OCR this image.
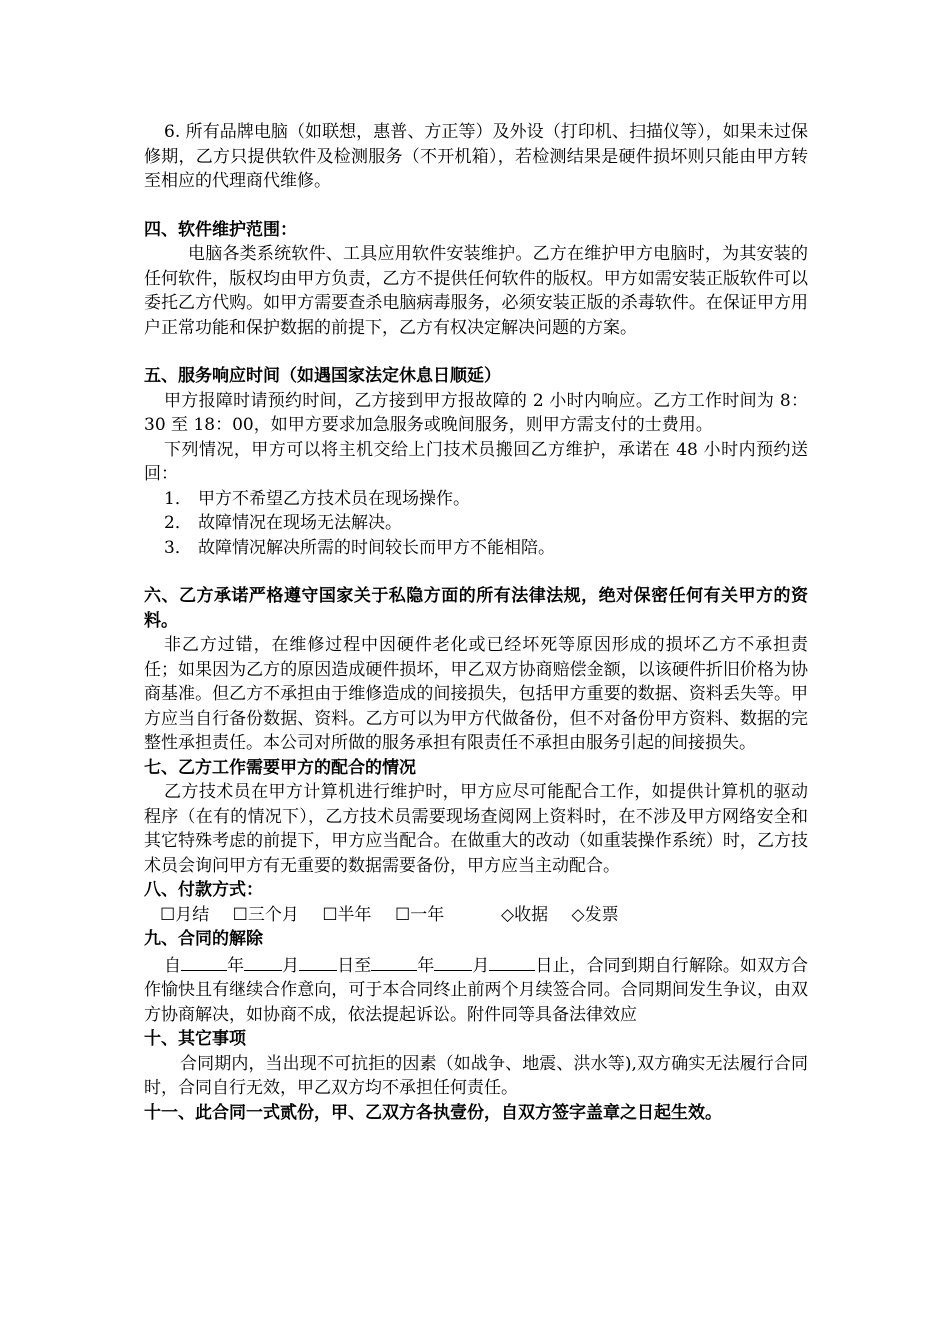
6. 所有品牌电脑（如联想，惠普、方正等）及外设（打印机、扫描仪等），如果未过保修期，乙方只提供软件及检测服务（不开机箱），若检测结果是硬件损坏则只能由甲方转至相应的代理商代维修。

四、软件维护范围：

电脑各类系统软件、工具应用软件安装维护。乙方在维护甲方电脑时，为其安装的任何软件，版权均由甲方负责，乙方不提供任何软件的版权。甲方如需安装正版软件可以委托乙方代购。如甲方需要查杀电脑病毒服务，必须安装正版的杀毒软件。在保证甲方用户正常功能和保护数据的前提下，乙方有权决定解决问题的方案。

五、服务响应时间（如遇国家法定休息日顺延）

甲方报障时请预约时间，乙方接到甲方报故障的 2 小时内响应。乙方工作时间为 8：30 至 18：00，如甲方要求加急服务或晚间服务，则甲方需支付的士费用。

下列情况，甲方可以将主机交给上门技术员搬回乙方维护，承诺在 48 小时内预约送回：

1． 甲方不希望乙方技术员在现场操作。

2． 故障情况在现场无法解决。

3． 故障情况解决所需的时间较长而甲方不能相陪。

六、乙方承诺严格遵守国家关于私隐方面的所有法律法规，绝对保密任何有关甲方的资料。

非乙方过错，在维修过程中因硬件老化或已经坏死等原因形成的损坏乙方不承担责任；如果因为乙方的原因造成硬件损坏，甲乙双方协商赔偿金额，以该硬件折旧价格为协商基准。但乙方不承担由于维修造成的间接损失，包括甲方重要的数据、资料丢失等。甲方应当自行备份数据、资料。乙方可以为甲方代做备份，但不对备份甲方资料、数据的完整性承担责任。本公司对所做的服务承担有限责任不承担由服务引起的间接损失。

七、乙方工作需要甲方的配合的情况

乙方技术员在甲方计算机进行维护时，甲方应尽可能配合工作，如提供计算机的驱动程序（在有的情况下），乙方技术员需要现场查阅网上资料时，在不涉及甲方网络安全和其它特殊考虑的前提下，甲方应当配合。在做重大的改动（如重装操作系统）时，乙方技术员会询问甲方有无重要的数据需要备份，甲方应当主动配合。

八、付款方式：

☐月结 ☐三个月 ☐半年 ☐一年	◇收据 ◇发票

九、合同的解除

自	年 月 日至	年 月	日止，合同到期自行解除。如双方合作愉快且有继续合作意向，可于本合同终止前两个月续签合同。合同期间发生争议，由双方协商解决，如协商不成，依法提起诉讼。附件同等具备法律效应

十、其它事项

合同期内，当出现不可抗拒的因素（如战争、地震、洪水等),双方确实无法履行合同时，合同自行无效，甲乙双方均不承担任何责任。

十一、此合同一式贰份，甲、乙双方各执壹份，自双方签字盖章之日起生效。
